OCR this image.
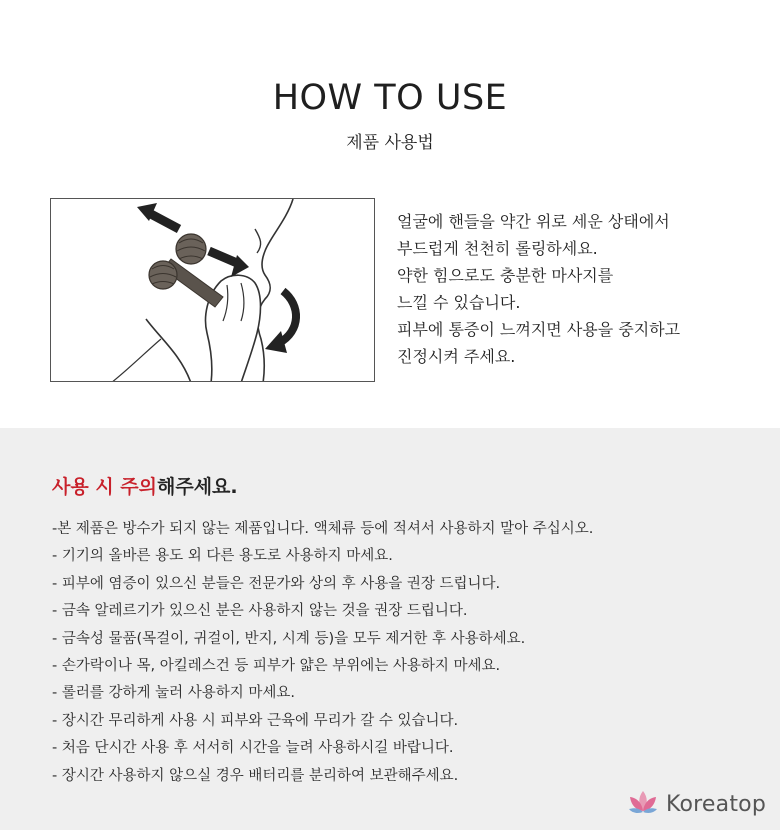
HOW TO USE
제품 사용법
얼굴에 핸들을 약간 위로 세운 상태에서
부드럽게 천천히 롤링하세요.
약한 힘으로도 충분한 마사지를
느낄 수 있습니다.
피부에 통증이 느껴지면 사용을 중지하고
진정시켜 주세요.
사용 시 주의해주세요.
-본 제품은 방수가 되지 않는 제품입니다. 액체류 등에 적셔서 사용하지 말아 주십시오.
- 기기의 올바른 용도 외 다른 용도로 사용하지 마세요.
- 피부에 염증이 있으신 분들은 전문가와 상의 후 사용을 권장 드립니다.
- 금속 알레르기가 있으신 분은 사용하지 않는 것을 권장 드립니다.
- 금속성 물품(목걸이, 귀걸이, 반지, 시계 등)을 모두 제거한 후 사용하세요.
- 손가락이나 목, 아킬레스건 등 피부가 얇은 부위에는 사용하지 마세요.
- 롤러를 강하게 눌러 사용하지 마세요.
- 장시간 무리하게 사용 시 피부와 근육에 무리가 갈 수 있습니다.
- 처음 단시간 사용 후 서서히 시간을 늘려 사용하시길 바랍니다.
- 장시간 사용하지 않으실 경우 배터리를 분리하여 보관해주세요.
Koreatop
